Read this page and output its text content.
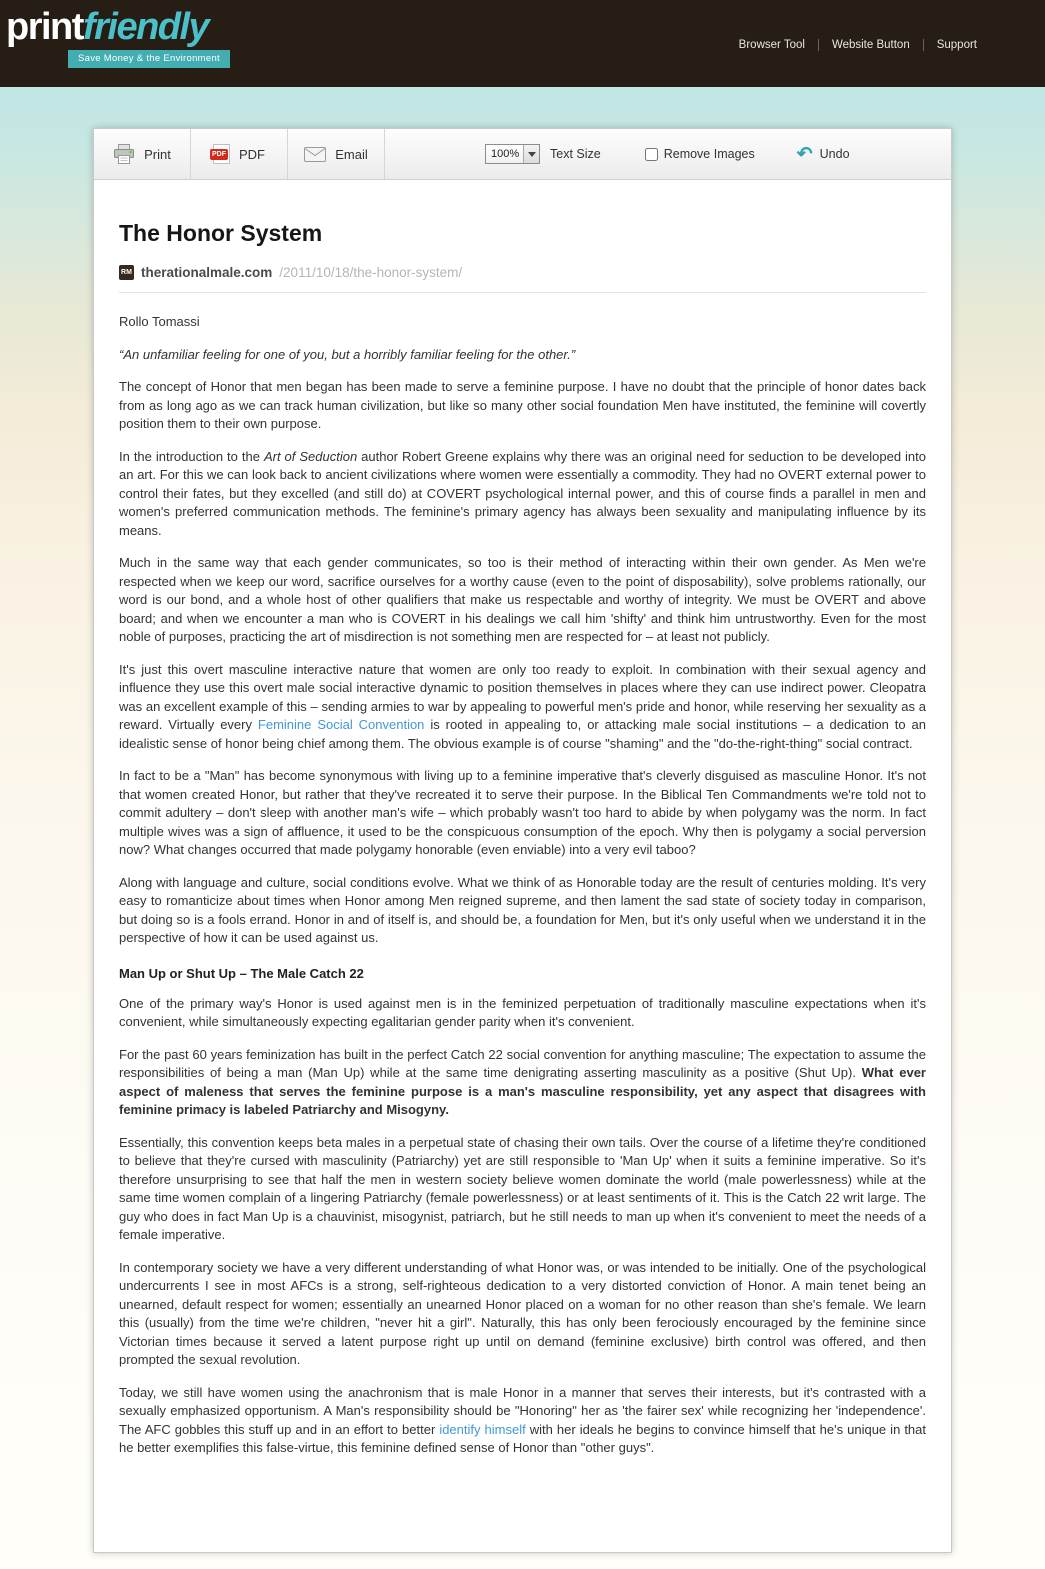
printfriendly
Save Money & the Environment
Browser Tool Website Button Support
Print	PDF PDF	Email	100% Text Size	Remove Images ↶ Undo
The Honor System
RM therationalmale.com /2011/10/18/the-honor-system/

Rollo Tomassi

“An unfamiliar feeling for one of you, but a horribly familiar feeling for the other.”

The concept of Honor that men began has been made to serve a feminine purpose. I have no doubt that the principle of honor dates back from as long ago as we can track human civilization, but like so many other social foundation Men have instituted, the feminine will covertly position them to their own purpose.

In the introduction to the Art of Seduction author Robert Greene explains why there was an original need for seduction to be developed into an art. For this we can look back to ancient civilizations where women were essentially a commodity. They had no OVERT external power to control their fates, but they excelled (and still do) at COVERT psychological internal power, and this of course finds a parallel in men and women's preferred communication methods. The feminine's primary agency has always been sexuality and manipulating influence by its means.

Much in the same way that each gender communicates, so too is their method of interacting within their own gender. As Men we're respected when we keep our word, sacrifice ourselves for a worthy cause (even to the point of disposability), solve problems rationally, our word is our bond, and a whole host of other qualifiers that make us respectable and worthy of integrity. We must be OVERT and above board; and when we encounter a man who is COVERT in his dealings we call him 'shifty' and think him untrustworthy. Even for the most noble of purposes, practicing the art of misdirection is not something men are respected for – at least not publicly.

It's just this overt masculine interactive nature that women are only too ready to exploit. In combination with their sexual agency and influence they use this overt male social interactive dynamic to position themselves in places where they can use indirect power. Cleopatra was an excellent example of this – sending armies to war by appealing to powerful men's pride and honor, while reserving her sexuality as a reward. Virtually every Feminine Social Convention is rooted in appealing to, or attacking male social institutions – a dedication to an idealistic sense of honor being chief among them. The obvious example is of course "shaming" and the "do-the-right-thing" social contract.

In fact to be a "Man" has become synonymous with living up to a feminine imperative that's cleverly disguised as masculine Honor. It's not that women created Honor, but rather that they've recreated it to serve their purpose. In the Biblical Ten Commandments we're told not to commit adultery – don't sleep with another man's wife – which probably wasn't too hard to abide by when polygamy was the norm. In fact multiple wives was a sign of affluence, it used to be the conspicuous consumption of the epoch. Why then is polygamy a social perversion now? What changes occurred that made polygamy honorable (even enviable) into a very evil taboo?

Along with language and culture, social conditions evolve. What we think of as Honorable today are the result of centuries molding. It's very easy to romanticize about times when Honor among Men reigned supreme, and then lament the sad state of society today in comparison, but doing so is a fools errand. Honor in and of itself is, and should be, a foundation for Men, but it's only useful when we understand it in the perspective of how it can be used against us.

Man Up or Shut Up – The Male Catch 22

One of the primary way's Honor is used against men is in the feminized perpetuation of traditionally masculine expectations when it's convenient, while simultaneously expecting egalitarian gender parity when it's convenient.

For the past 60 years feminization has built in the perfect Catch 22 social convention for anything masculine; The expectation to assume the responsibilities of being a man (Man Up) while at the same time denigrating asserting masculinity as a positive (Shut Up). What ever aspect of maleness that serves the feminine purpose is a man's masculine responsibility, yet any aspect that disagrees with feminine primacy is labeled Patriarchy and Misogyny.

Essentially, this convention keeps beta males in a perpetual state of chasing their own tails. Over the course of a lifetime they're conditioned to believe that they're cursed with masculinity (Patriarchy) yet are still responsible to 'Man Up' when it suits a feminine imperative. So it's therefore unsurprising to see that half the men in western society believe women dominate the world (male powerlessness) while at the same time women complain of a lingering Patriarchy (female powerlessness) or at least sentiments of it. This is the Catch 22 writ large. The guy who does in fact Man Up is a chauvinist, misogynist, patriarch, but he still needs to man up when it's convenient to meet the needs of a female imperative.

In contemporary society we have a very different understanding of what Honor was, or was intended to be initially. One of the psychological undercurrents I see in most AFCs is a strong, self-righteous dedication to a very distorted conviction of Honor. A main tenet being an unearned, default respect for women; essentially an unearned Honor placed on a woman for no other reason than she's female. We learn this (usually) from the time we're children, "never hit a girl". Naturally, this has only been ferociously encouraged by the feminine since Victorian times because it served a latent purpose right up until on demand (feminine exclusive) birth control was offered, and then prompted the sexual revolution.

Today, we still have women using the anachronism that is male Honor in a manner that serves their interests, but it's contrasted with a sexually emphasized opportunism. A Man's responsibility should be "Honoring" her as 'the fairer sex' while recognizing her 'independence'. The AFC gobbles this stuff up and in an effort to better identify himself with her ideals he begins to convince himself that he's unique in that he better exemplifies this false-virtue, this feminine defined sense of Honor than "other guys".
